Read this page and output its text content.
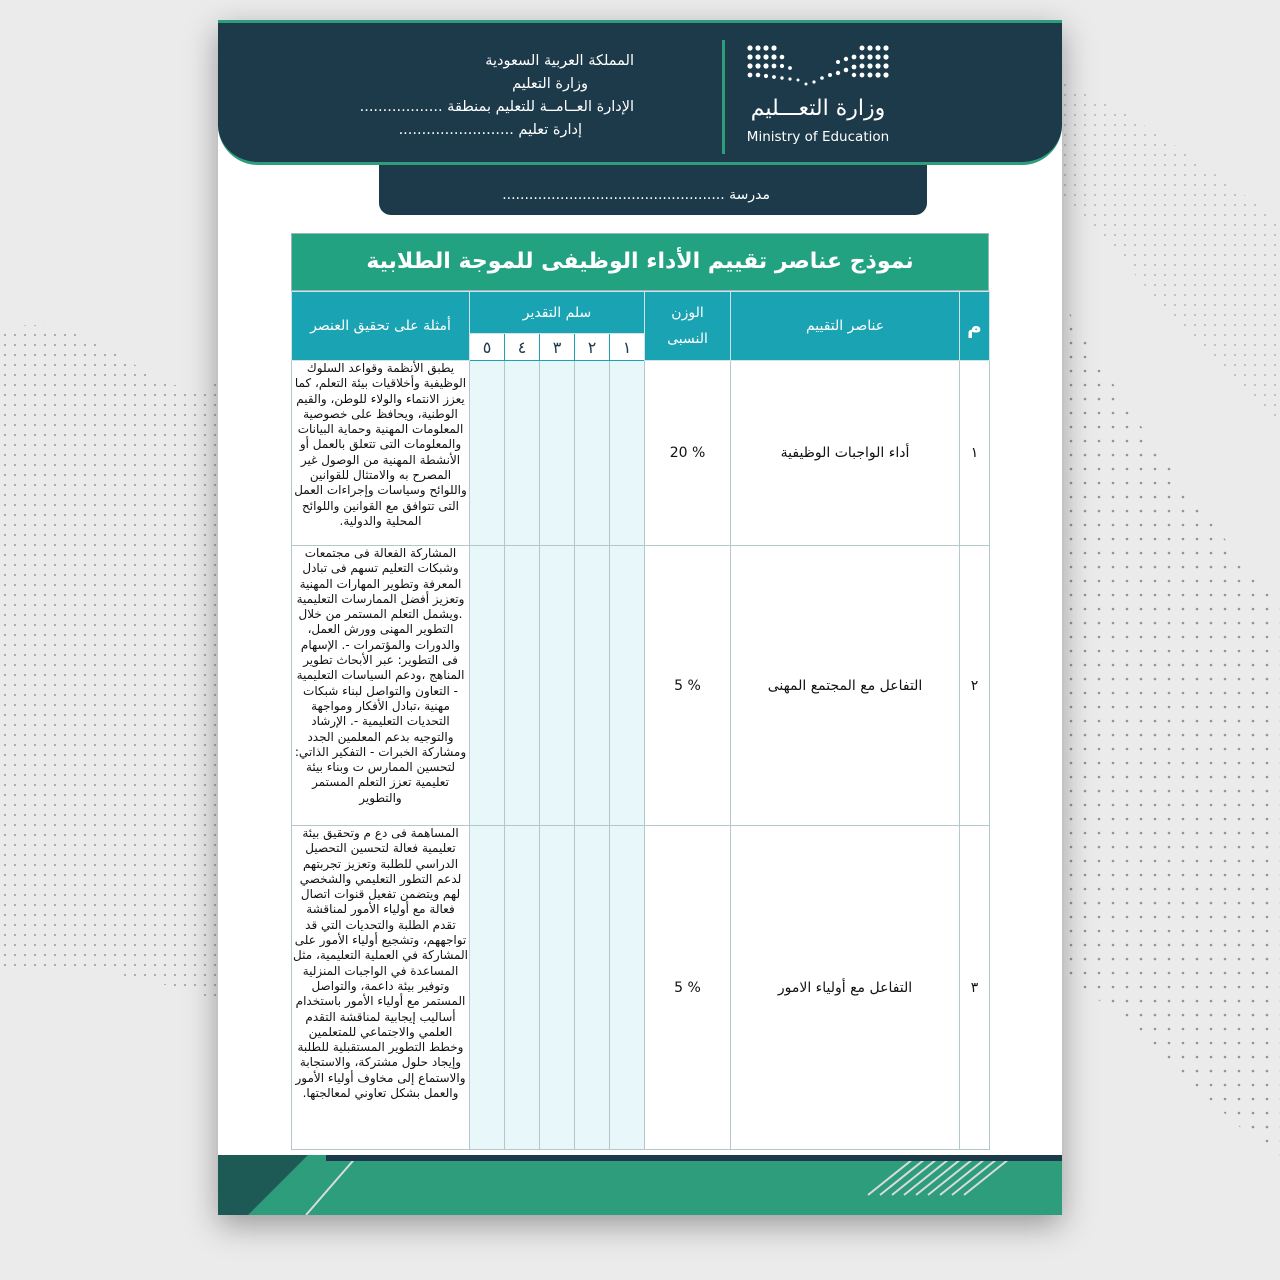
المملكة العربية السعودية
وزارة التعليم
الإدارة العــامــة للتعليم بمنطقة ..................
إدارة تعليم .........................
وزارة التعـــليم
Ministry of Education
مدرسة ..................................................
نموذج عناصر تقييم الأداء الوظيفى للموجة الطلابية
م	عناصر التقييم	الوزن النسبى	سلم التقدير					أمثلة على تحقيق العنصر
			١	٢	٣	٤	٥	
١	أداء الواجبات الوظيفية	20 %						يطبق الأنظمة وقواعد السلوك الوظيفية وأخلاقيات بيئة التعلم، كما يعزز الانتماء والولاء للوطن، والقيم الوطنية، ويحافظ على خصوصية المعلومات المهنية وحماية البيانات والمعلومات التى تتعلق بالعمل أو الأنشطة المهنية من الوصول غير المصرح به والامتثال للقوانين واللوائح وسياسات وإجراءات العمل التى تتوافق مع القوانين واللوائح المحلية والدولية.
٢	التفاعل مع المجتمع المهنى	5 %						المشاركة الفعالة فى مجتمعات وشبكات التعليم تسهم فى تبادل المعرفة وتطوير المهارات المهنية وتعزيز أفضل الممارسات التعليمية .ويشمل التعلم المستمر من خلال التطوير المهنى وورش العمل، والدورات والمؤتمرات -. الإسهام فى التطوير: عبر الأبحاث تطوير المناهج ،ودعم السياسات التعليمية - التعاون والتواصل لبناء شبكات مهنية ،تبادل الأفكار ومواجهة التحديات التعليمية -. الإرشاد والتوجيه بدعم المعلمين الجدد ومشاركة الخبرات - التفكير الذاتي: لتحسين الممارس ت وبناء بيئة تعليمية تعزز التعلم المستمر والتطوير
٣	التفاعل مع أولياء الامور	5 %						المساهمة فى دع م وتحقيق بيئة تعليمية فعالة لتحسين التحصيل الدراسي للطلبة وتعزيز تجربتهم لدعم التطور التعليمي والشخصي لهم ويتضمن تفعيل قنوات اتصال فعالة مع أولياء الأمور لمناقشة تقدم الطلبة والتحديات التي قد تواجههم، وتشجيع أولياء الأمور على المشاركة في العملية التعليمية، مثل المساعدة في الواجبات المنزلية وتوفير بيئة داعمة، والتواصل المستمر مع أولياء الأمور باستخدام أساليب إيجابية لمناقشة التقدم العلمي والاجتماعي للمتعلمين وخطط التطوير المستقبلية للطلبة وإيجاد حلول مشتركة، والاستجابة والاستماع إلى مخاوف أولياء الأمور والعمل بشكل تعاوني لمعالجتها.
